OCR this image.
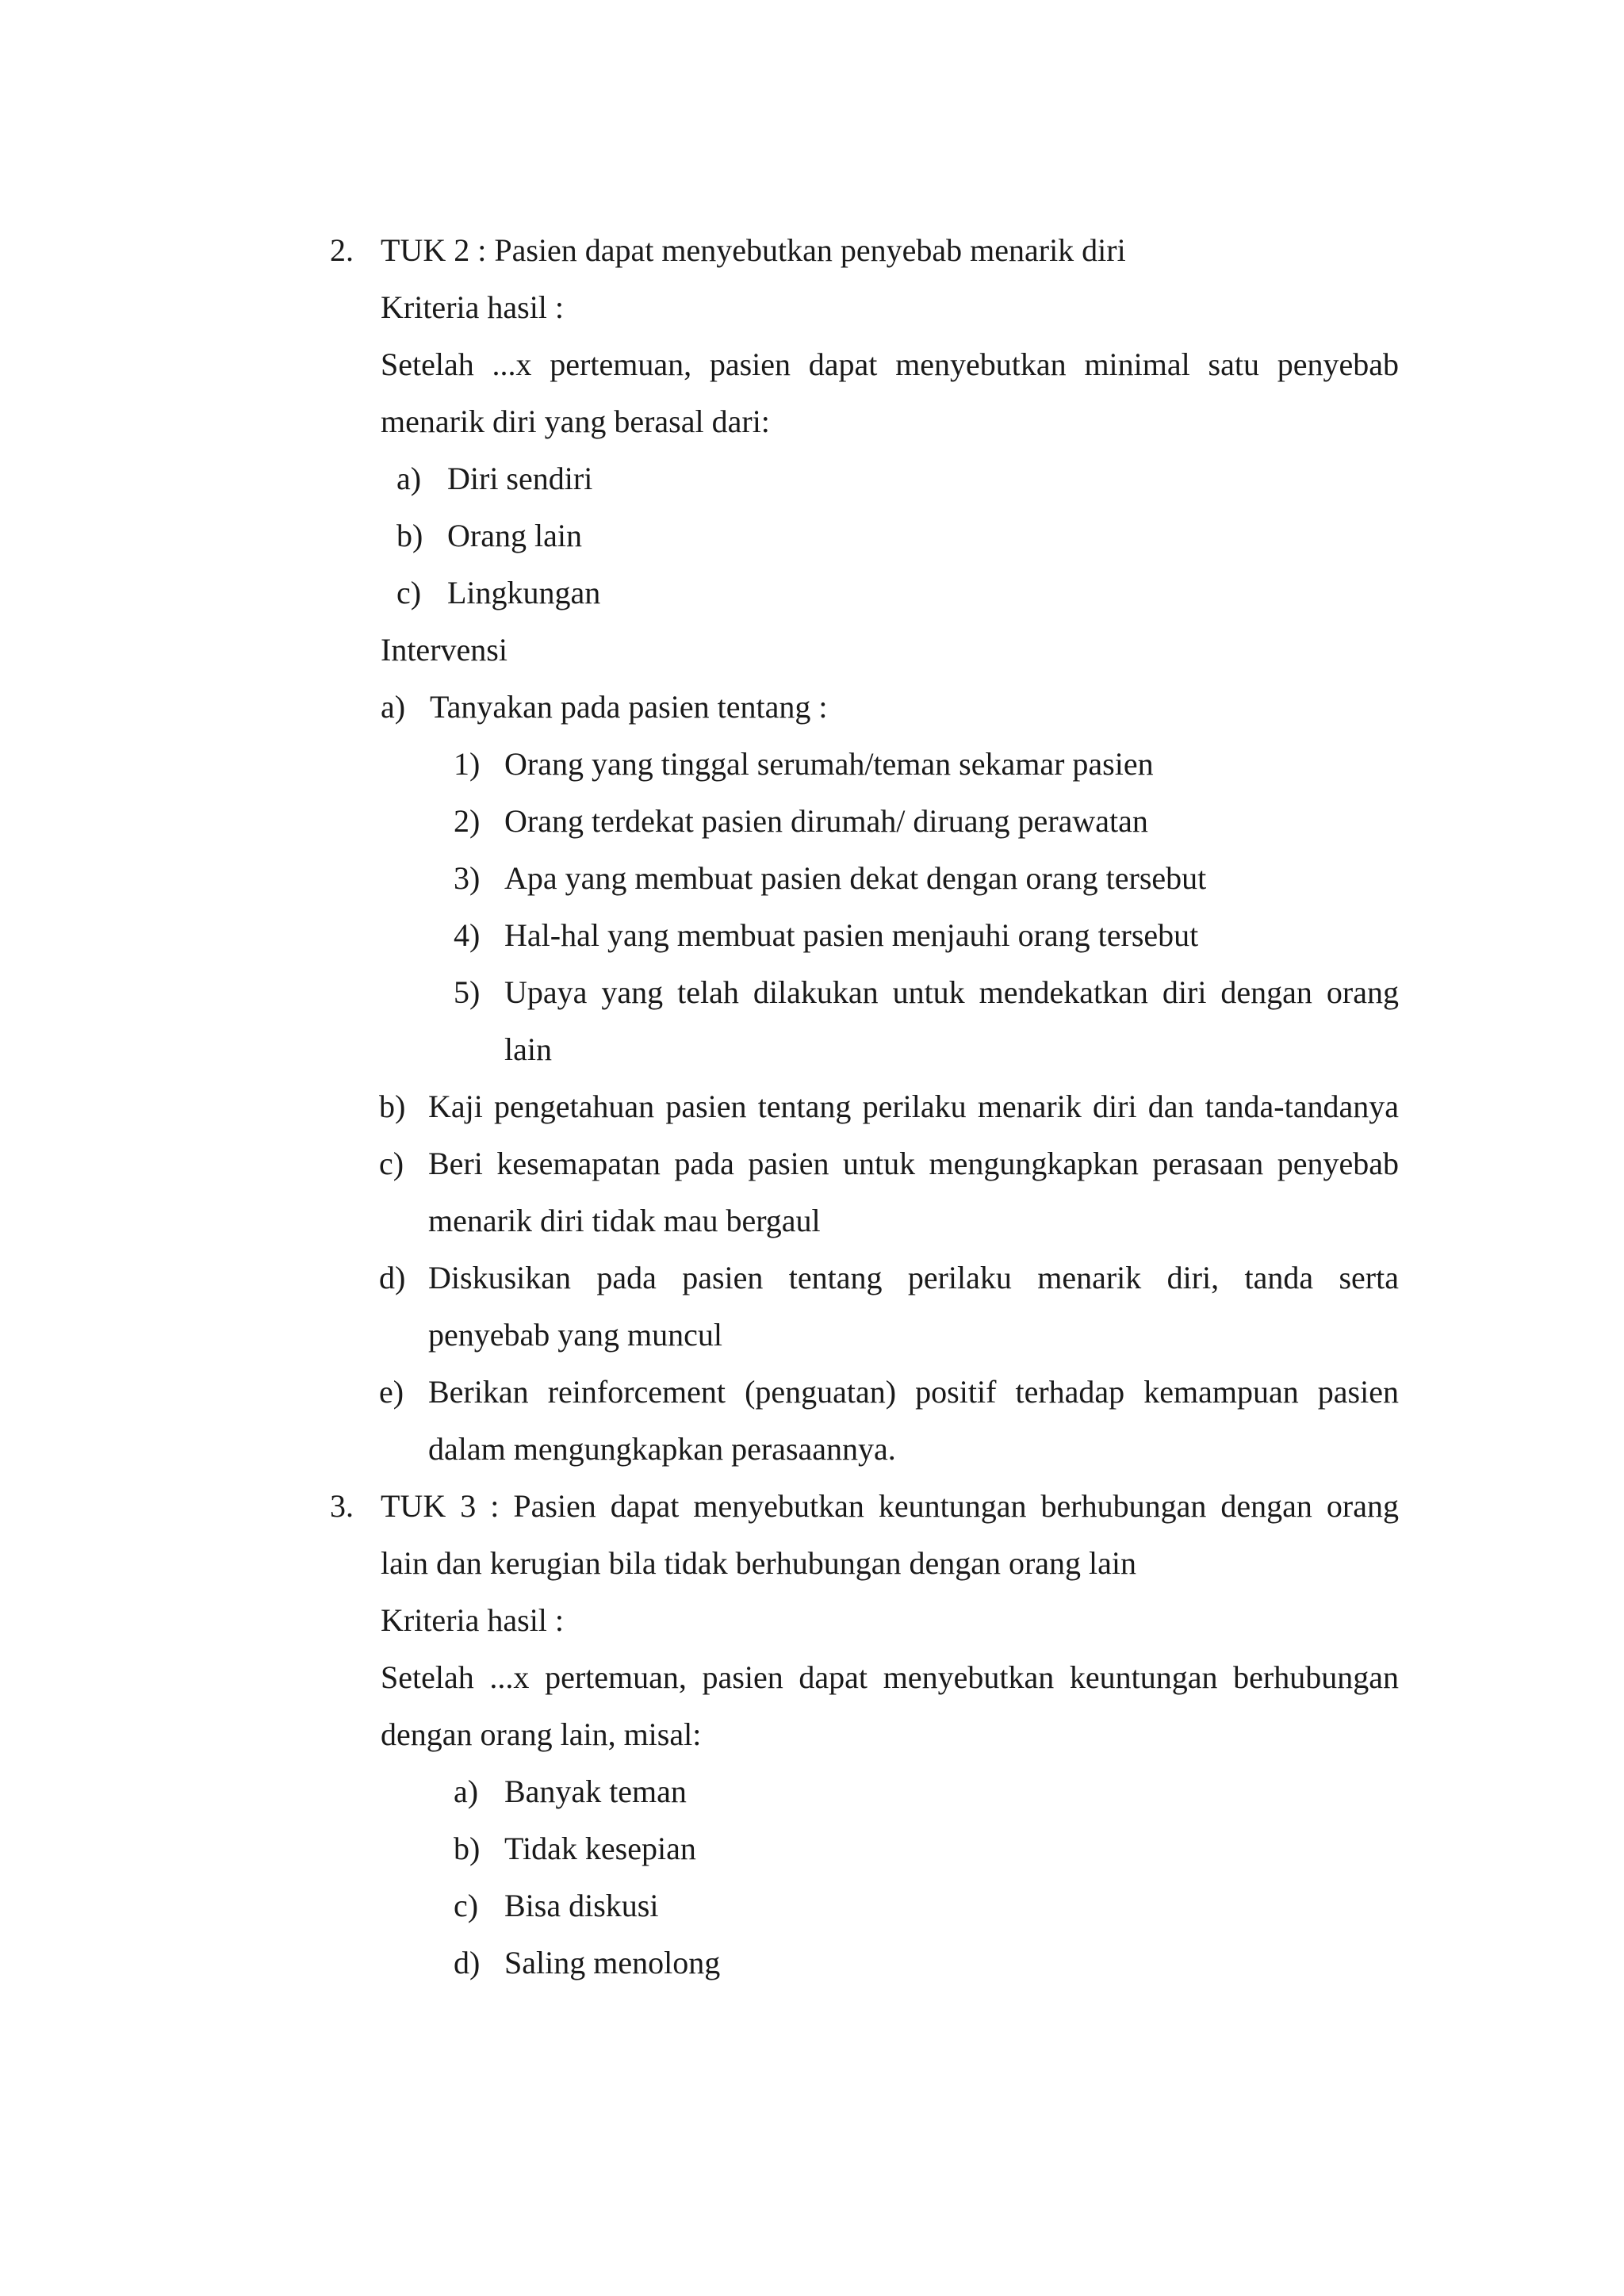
2. TUK 2 : Pasien dapat menyebutkan penyebab menarik diri
Kriteria hasil :
Setelah ...x pertemuan, pasien dapat menyebutkan minimal satu penyebab
menarik diri yang berasal dari:
a) Diri sendiri
b) Orang lain
c) Lingkungan
Intervensi
a) Tanyakan pada pasien tentang :
1) Orang yang tinggal serumah/teman sekamar pasien
2) Orang terdekat pasien dirumah/ diruang perawatan
3) Apa yang membuat pasien dekat dengan orang tersebut
4) Hal-hal yang membuat pasien menjauhi orang tersebut
5) Upaya yang telah dilakukan untuk mendekatkan diri dengan orang
lain
b) Kaji pengetahuan pasien tentang perilaku menarik diri dan tanda-tandanya
c) Beri kesemapatan pada pasien untuk mengungkapkan perasaan penyebab
menarik diri tidak mau bergaul
d) Diskusikan pada pasien tentang perilaku menarik diri, tanda serta
penyebab yang muncul
e) Berikan reinforcement (penguatan) positif terhadap kemampuan pasien
dalam mengungkapkan perasaannya.
3. TUK 3 : Pasien dapat menyebutkan keuntungan berhubungan dengan orang
lain dan kerugian bila tidak berhubungan dengan orang lain
Kriteria hasil :
Setelah ...x pertemuan, pasien dapat menyebutkan keuntungan berhubungan
dengan orang lain, misal:
a) Banyak teman
b) Tidak kesepian
c) Bisa diskusi
d) Saling menolong
